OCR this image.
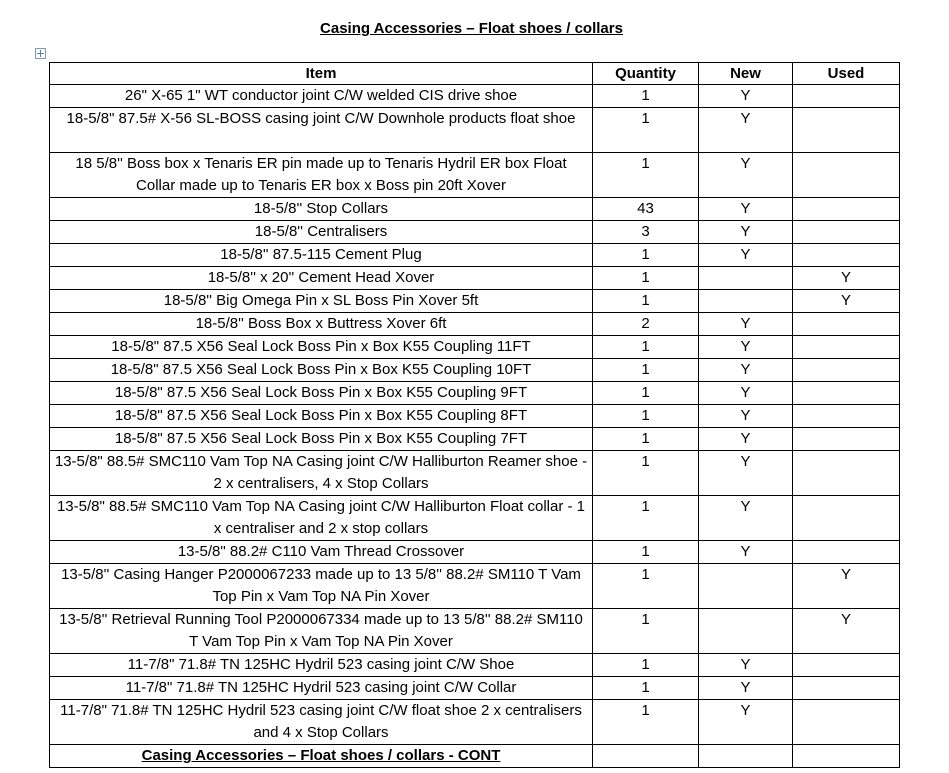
Casing Accessories – Float shoes / collars
Item	Quantity	New	Used
26" X-65 1" WT conductor joint C/W welded CIS drive shoe	1	Y	
18-5/8" 87.5# X-56 SL-BOSS casing joint C/W Downhole products float shoe	1	Y	
18 5/8'' Boss box x Tenaris ER pin made up to Tenaris Hydril ER box Float Collar made up to Tenaris ER box x Boss pin 20ft Xover	1	Y	
18-5/8'' Stop Collars	43	Y	
18-5/8'' Centralisers	3	Y	
18-5/8'' 87.5-115 Cement Plug	1	Y	
18-5/8'' x 20'' Cement Head Xover	1		Y
18-5/8'' Big Omega Pin x SL Boss Pin Xover 5ft	1		Y
18-5/8'' Boss Box x Buttress Xover 6ft	2	Y	
18-5/8" 87.5 X56 Seal Lock Boss Pin x Box K55 Coupling 11FT	1	Y	
18-5/8" 87.5 X56 Seal Lock Boss Pin x Box K55 Coupling 10FT	1	Y	
18-5/8" 87.5 X56 Seal Lock Boss Pin x Box K55 Coupling 9FT	1	Y	
18-5/8" 87.5 X56 Seal Lock Boss Pin x Box K55 Coupling 8FT	1	Y	
18-5/8" 87.5 X56 Seal Lock Boss Pin x Box K55 Coupling 7FT	1	Y	
13-5/8" 88.5# SMC110 Vam Top NA Casing joint C/W Halliburton Reamer shoe - 2 x centralisers, 4 x Stop Collars	1	Y	
13-5/8" 88.5# SMC110 Vam Top NA Casing joint C/W Halliburton Float collar - 1 x centraliser and 2 x stop collars	1	Y	
13-5/8" 88.2# C110 Vam Thread Crossover	1	Y	
13-5/8'' Casing Hanger P2000067233 made up to 13 5/8'' 88.2# SM110 T Vam Top Pin x Vam Top NA Pin Xover	1		Y
13-5/8'' Retrieval Running Tool P2000067334 made up to 13 5/8'' 88.2# SM110 T Vam Top Pin x Vam Top NA Pin Xover	1		Y
11-7/8" 71.8# TN 125HC Hydril 523 casing joint C/W Shoe	1	Y	
11-7/8" 71.8# TN 125HC Hydril 523 casing joint C/W Collar	1	Y	
11-7/8" 71.8# TN 125HC Hydril 523 casing joint C/W float shoe 2 x centralisers and 4 x Stop Collars	1	Y	
Casing Accessories – Float shoes / collars - CONT			
